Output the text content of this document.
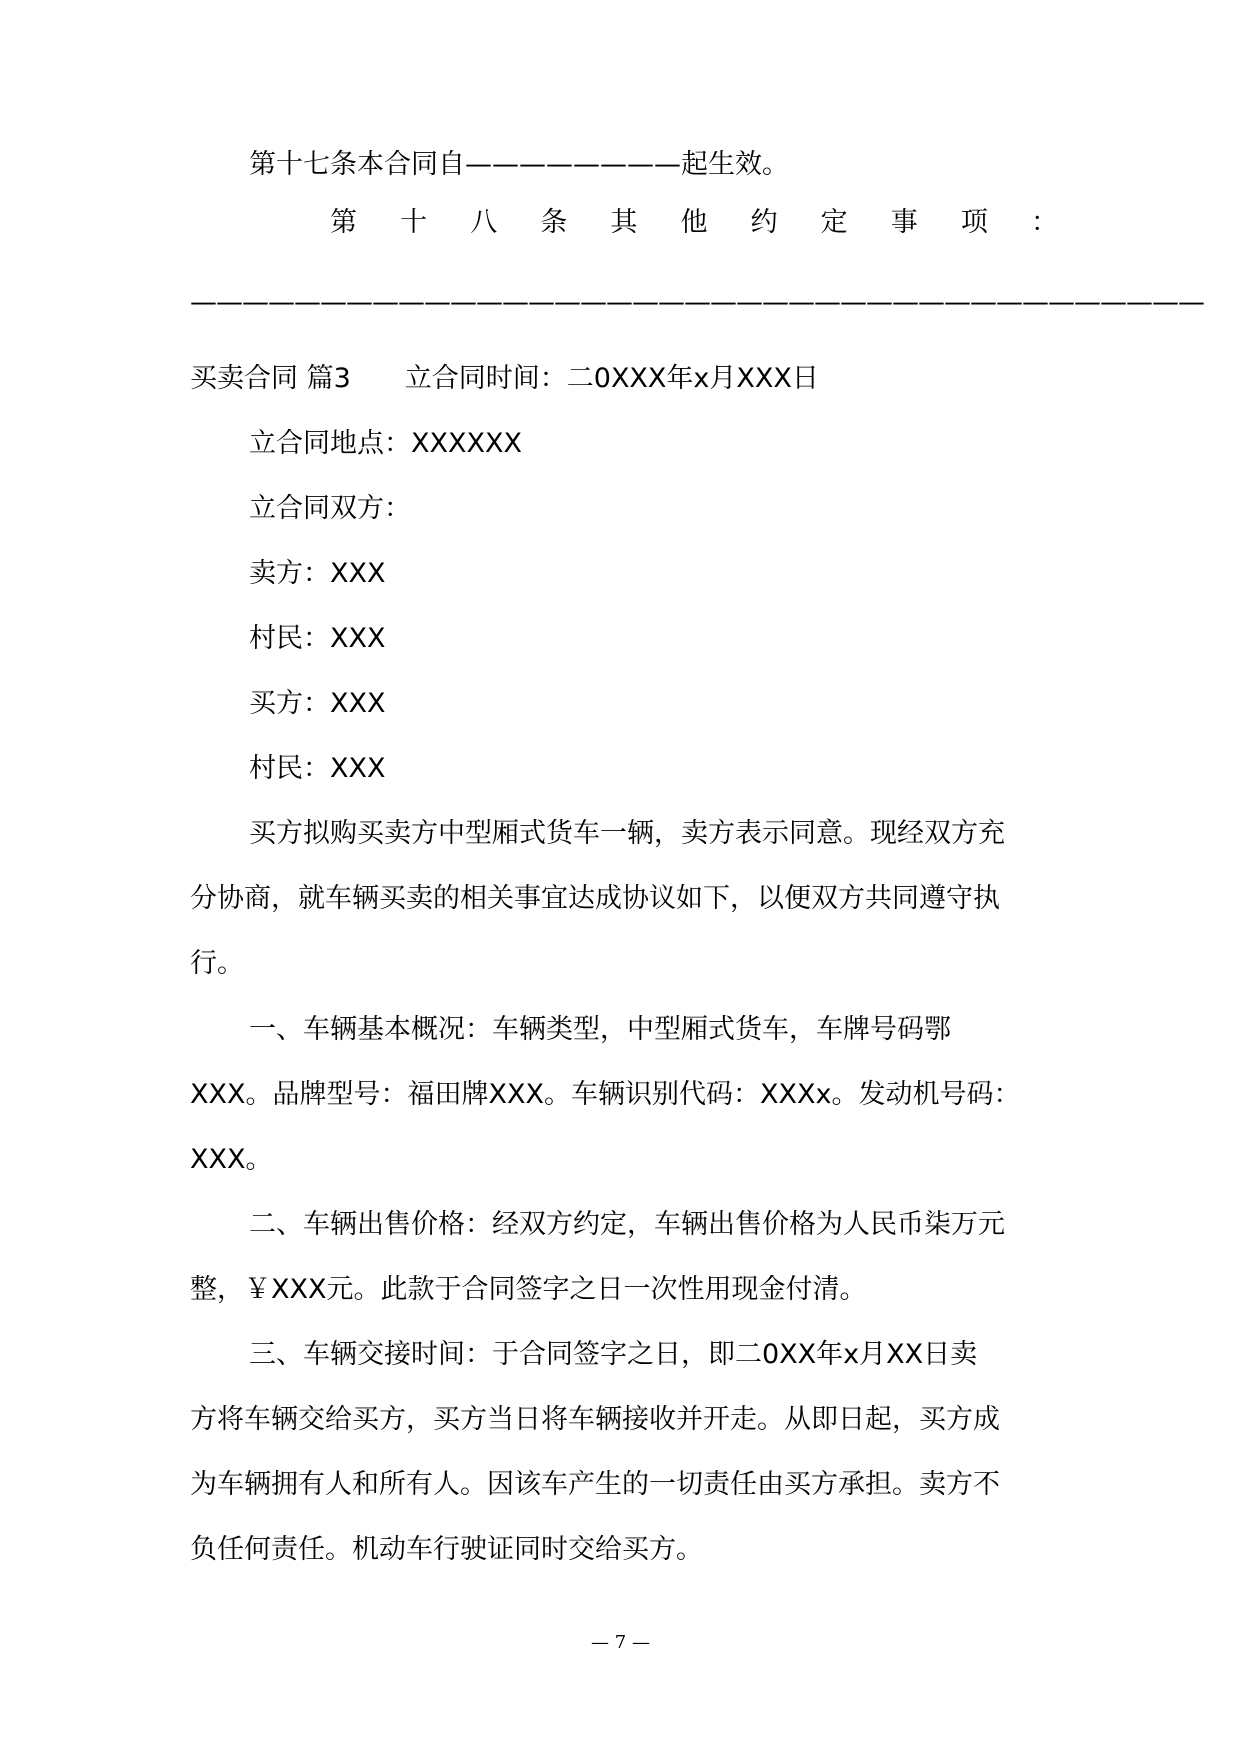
第十七条本合同自————————起生效。
第 十 八 条 其 他 约 定 事 项 ：
———————————————————————————————————————
买卖合同 篇3　　立合同时间：二0XXX年x月XXX日
立合同地点：XXXXXX
立合同双方：
卖方：XXX
村民：XXX
买方：XXX
村民：XXX
买方拟购买卖方中型厢式货车一辆，卖方表示同意。现经双方充
分协商，就车辆买卖的相关事宜达成协议如下，以便双方共同遵守执
行。
一、车辆基本概况：车辆类型，中型厢式货车，车牌号码鄂
XXX。品牌型号：福田牌XXX。车辆识别代码：XXXx。发动机号码：
XXX。
二、车辆出售价格：经双方约定，车辆出售价格为人民币柒万元
整，￥XXX元。此款于合同签字之日一次性用现金付清。
三、车辆交接时间：于合同签字之日，即二0XX年x月XX日卖
方将车辆交给买方，买方当日将车辆接收并开走。从即日起，买方成
为车辆拥有人和所有人。因该车产生的一切责任由买方承担。卖方不
负任何责任。机动车行驶证同时交给买方。
— 7 —
